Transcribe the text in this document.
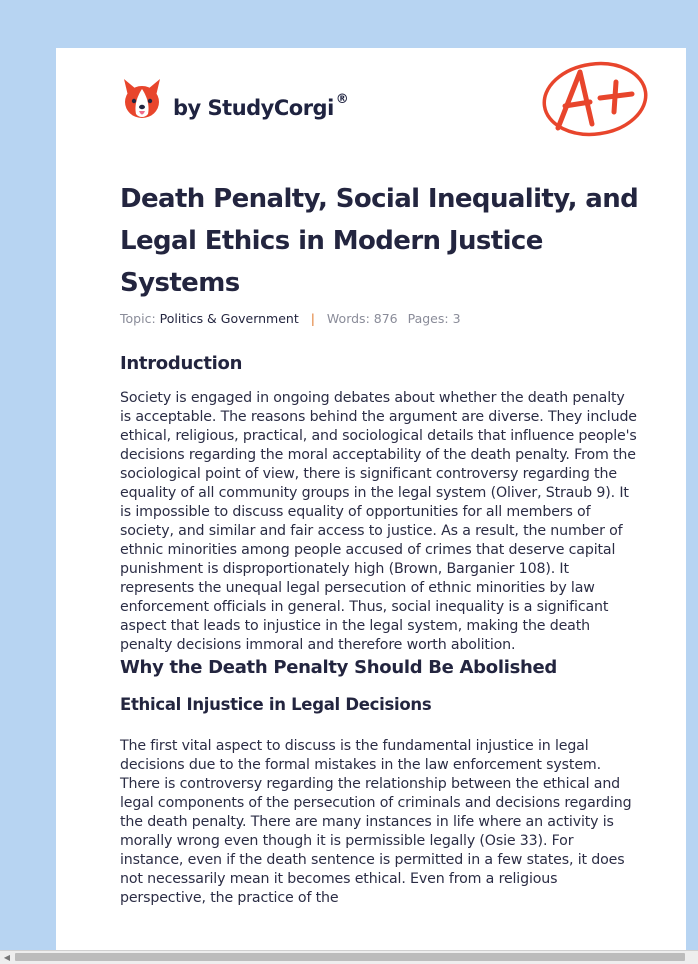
by StudyCorgi ®
Death Penalty, Social Inequality, and Legal Ethics in Modern Justice Systems
Topic: Politics & Government | Words: 876 Pages: 3
Introduction

Society is engaged in ongoing debates about whether the death penalty is acceptable. The reasons behind the argument are diverse. They include ethical, religious, practical, and sociological details that influence people's decisions regarding the moral acceptability of the death penalty. From the sociological point of view, there is significant controversy regarding the equality of all community groups in the legal system (Oliver, Straub 9). It is impossible to discuss equality of opportunities for all members of society, and similar and fair access to justice. As a result, the number of ethnic minorities among people accused of crimes that deserve capital punishment is disproportionately high (Brown, Barganier 108). It represents the unequal legal persecution of ethnic minorities by law enforcement officials in general. Thus, social inequality is a significant aspect that leads to injustice in the legal system, making the death penalty decisions immoral and therefore worth abolition.

Why the Death Penalty Should Be Abolished
Ethical Injustice in Legal Decisions

The first vital aspect to discuss is the fundamental injustice in legal decisions due to the formal mistakes in the law enforcement system. There is controversy regarding the relationship between the ethical and legal components of the persecution of criminals and decisions regarding the death penalty. There are many instances in life where an activity is morally wrong even though it is permissible legally (Osie 33). For instance, even if the death sentence is permitted in a few states, it does not necessarily mean it becomes ethical. Even from a religious perspective, the practice of the

◀
